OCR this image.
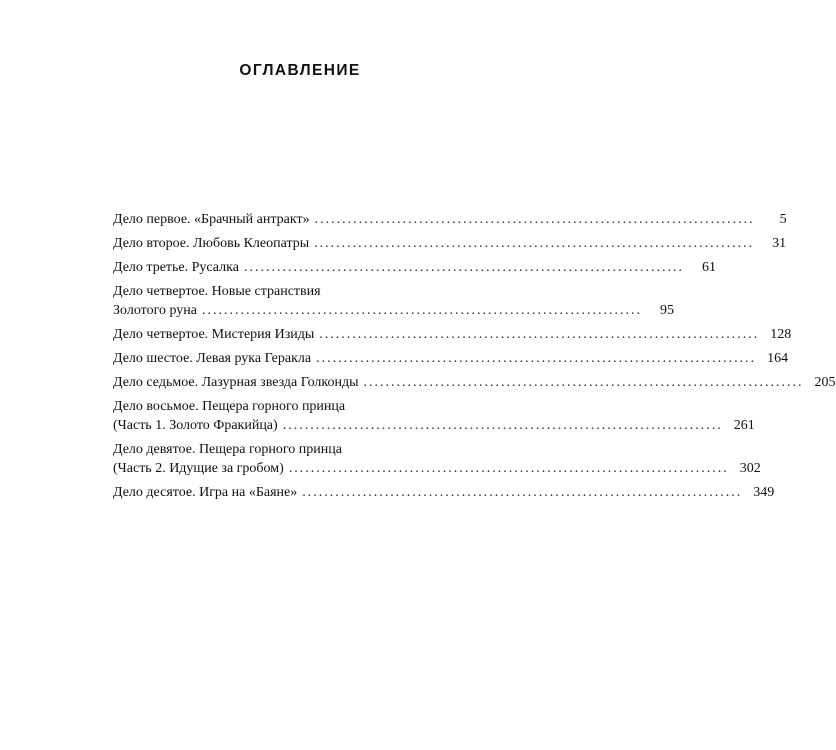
ОГЛАВЛЕНИЕ
Дело первое. «Брачный антракт» ................................................................................	5
Дело второе. Любовь Клеопатры ................................................................................	31
Дело третье. Русалка ................................................................................	61
Дело четвертое. Новые странствия
Золотого руна ................................................................................	95
Дело четвертое. Мистерия Изиды ................................................................................ 128
Дело шестое. Левая рука Геракла ................................................................................ 164
Дело седьмое. Лазурная звезда Голконды ................................................................................ 205
Дело восьмое. Пещера горного принца
(Часть 1. Золото Фракийца) ................................................................................ 261
Дело девятое. Пещера горного принца
(Часть 2. Идущие за гробом) ................................................................................ 302
Дело десятое. Игра на «Баяне» ................................................................................ 349
